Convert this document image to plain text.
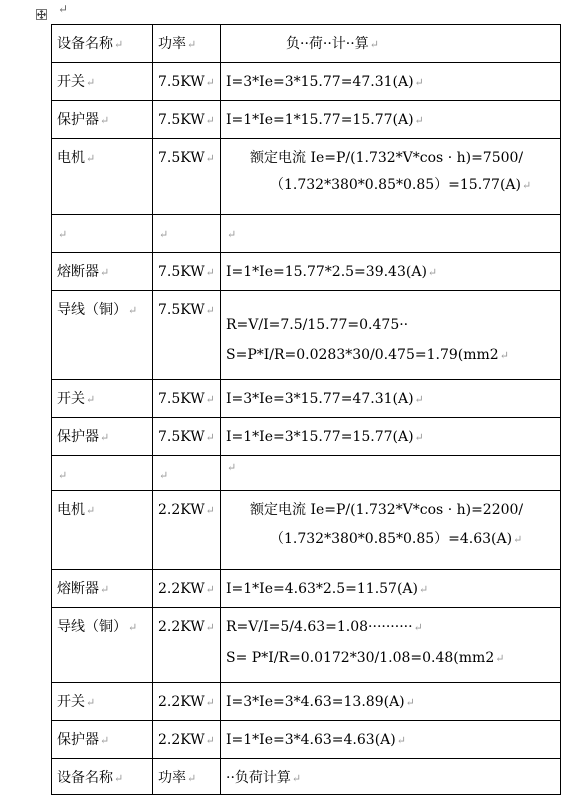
↵
设备名称↵	功率↵	负··荷··计··算↵

开关↵	7.5KW↵	I=3*Ie=3*15.77=47.31(A)↵

保护器↵	7.5KW↵	I=1*Ie=1*15.77=15.77(A)↵

电机↵	7.5KW↵	额定电流 Ie=P/(1.732*V*cos · h)=7500/
（1.732*380*0.85*0.85）=15.77(A)↵

↵	↵	↵

熔断器↵	7.5KW↵	I=1*Ie=15.77*2.5=39.43(A)↵

导线（铜）↵	7.5KW↵	R=V/I=7.5/15.77=0.475··
S=P*I/R=0.0283*30/0.475=1.79(mm2↵

开关↵	7.5KW↵	I=3*Ie=3*15.77=47.31(A)↵

保护器↵	7.5KW↵	I=1*Ie=3*15.77=15.77(A)↵

↵	↵	↵

电机↵	2.2KW↵	额定电流 Ie=P/(1.732*V*cos · h)=2200/
（1.732*380*0.85*0.85）=4.63(A)↵

熔断器↵	2.2KW↵	I=1*Ie=4.63*2.5=11.57(A)↵

导线（铜）↵	2.2KW↵	R=V/I=5/4.63=1.08··········↵
S= P*I/R=0.0172*30/1.08=0.48(mm2↵

开关↵	2.2KW↵	I=3*Ie=3*4.63=13.89(A)↵

保护器↵	2.2KW↵	I=1*Ie=3*4.63=4.63(A)↵

设备名称↵	功率↵	··负荷计算↵
